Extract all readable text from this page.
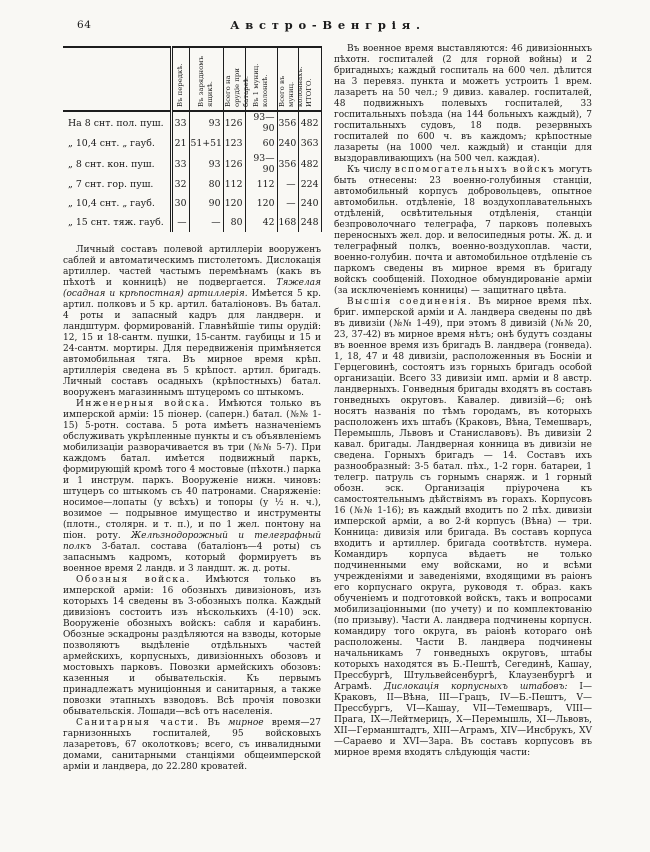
64	Австро-Венгрія.

	Въ передкѣ.	Въ зарядномъ ящикѣ.	Всего на орудіе при батареѣ.	Въ 1 муниц. колоннѣ.	Всего въ муниц. колоннахъ.	ИТОГО.

На 8 снт. пол. пуш.	33	93	126	93—90	356	482
„ 10,4 снт. „ гауб.	21	51+51	123	60	240	363
„ 8 снт. кон. пуш.	33	93	126	93—90	356	482
„ 7 снт. гор. пуш.	32	80	112	112	—	224
„ 10,4 снт. „ гауб.	30	90	120	120	—	240
„ 15 снт. тяж. гауб.	—	—	80	42	168	248

Личный составъ полевой артиллеріи вооруженъ саблей и автоматическимъ пистолетомъ. Дислокація артиллер. частей частымъ перемѣнамъ (какъ въ пѣхотѣ и конницѣ) не подвергается. Тяжелая (осадная и крѣпостная) артиллерія. Имѣется 5 кр. артил. полковъ и 5 кр. артил. баталіоновъ. Въ батал. 4 роты и запасный кадръ для ландверн. и ландштурм. формированій. Главнѣйшіе типы орудій: 12, 15 и 18-сантм. пушки, 15-сантм. гаубицы и 15 и 24-сантм. мортиры. Для передвиженія примѣняется автомобильная тяга. Въ мирное время крѣп. артиллерія сведена въ 5 крѣпост. артил. бригадъ. Личный составъ осадныхъ (крѣпостныхъ) батал. вооруженъ магазиннымъ штуцеромъ со штыкомъ.

Инженерныя войска. Имѣются только въ имперской арміи: 15 піонер. (саперн.) батал. (№№ 1-15) 5-ротн. состава. 5 рота имѣетъ назначеніемъ обслуживать укрѣпленные пункты и съ объявленіемъ мобилизаціи разворачивается въ три (№№ 5-7). При каждомъ батал. имѣется подвижный паркъ, формирующій кромѣ того 4 мостовые (пѣхотн.) парка и 1 инструм. паркъ. Вооруженіе нижн. чиновъ: штуцеръ со штыкомъ съ 40 патронами. Снаряженіе: носимое—лопаты (у всѣхъ) и топоры (у ½ н. ч.), возимое — подрывное имущество и инструменты (плотн., столярн. и т. п.), и по 1 жел. понтону на піон. роту. Желѣзнодорожный и телеграфный полкъ 3-батал. состава (баталіонъ—4 роты) съ запаснымъ кадромъ, который формируетъ въ военное время 2 ландв. и 3 ландшт. ж. д. роты.

Обозныя войска. Имѣются только въ имперской арміи: 16 обозныхъ дивизіоновъ, изъ которыхъ 14 сведены въ 3-обозныхъ полка. Каждый дивизіонъ состоитъ изъ нѣсколькихъ (4-10) эск. Вооруженіе обозныхъ войскъ: сабля и карабинъ. Обозные эскадроны раздѣляются на взводы, которые позволяютъ выдѣленіе отдѣльныхъ частей армейскихъ, корпусныхъ, дивизіонныхъ обозовъ и мостовыхъ парковъ. Повозки армейскихъ обозовъ: казенныя и обывательскія. Къ первымъ принадлежатъ муниціонныя и санитарныя, а также повозки этапныхъ взводовъ. Всѣ прочія повозки обывательскія. Лошади—всѣ отъ населенія.

Санитарныя части. Въ мирное время—27 гарнизонныхъ госпиталей, 95 войсковыхъ лазаретовъ, 67 околотковъ; всего, съ инвалидными домами, санитарными станціями общеимперской арміи и ландвера, до 22.280 кроватей.

Въ военное время выставляются: 46 дивизіонныхъ пѣхотн. госпиталей (2 для горной войны) и 2 бригадныхъ; каждый госпиталь на 600 чел. дѣлится на 3 перевяз. пункта и можетъ устроить 1 врем. лазаретъ на 50 чел.; 9 дивиз. кавалер. госпиталей, 48 подвижныхъ полевыхъ госпиталей, 33 госпитальныхъ поѣзда (на 144 больныхъ каждый), 7 госпитальныхъ судовъ, 18 подв. резервныхъ госпиталей по 600 ч. въ каждомъ; крѣпостные лазареты (на 1000 чел. каждый) и станціи для выздоравливающихъ (на 500 чел. каждая).

Къ числу вспомогательныхъ войскъ могутъ быть отнесены: 23 военно-голубиныя станціи, автомобильный корпусъ добровольцевъ, опытное автомобильн. отдѣленіе, 18 воздухоплавательныхъ отдѣленій, освѣтительныя отдѣленія, станціи безпроволочнаго телеграфа, 7 парковъ полевыхъ переносныхъ жел. дор. и велосипедныя роты. Ж. д. и телеграфный полкъ, военно-воздухоплав. части, военно-голубин. почта и автомобильное отдѣленіе съ паркомъ сведены въ мирное время въ бригаду войскъ сообщеній. Походное обмундированіе арміи (за исключеніемъ конницы) — защитнаго цвѣта.

Высшія соединенія. Въ мирное время пѣх. бриг. имперской арміи и А. ландвера сведены по двѣ въ дивизіи (№№ 1-49), при этомъ 8 дивизій (№№ 20, 23, 37-42) въ мирное время нѣтъ; онѣ будутъ созданы въ военное время изъ бригадъ В. ландвера (гонведа). 1, 18, 47 и 48 дивизіи, расположенныя въ Босніи и Герцеговинѣ, состоятъ изъ горныхъ бригадъ особой организаціи. Всего 33 дивизіи имп. арміи и 8 австр. ландверныхъ. Гонведныя бригады входятъ въ составъ гонведныхъ округовъ. Кавалер. дивизій—6; онѣ носятъ названія по тѣмъ городамъ, въ которыхъ расположенъ ихъ штабъ (Краковъ, Вѣна, Темешваръ, Перемышль, Львовъ и Станиславовъ). Въ дивизіи 2 кавал. бригады. Ландверная конница въ дивизіи не сведена. Горныхъ бригадъ — 14. Составъ ихъ разнообразный: 3-5 батал. пѣх., 1-2 горн. батареи, 1 телегр. патруль съ горнымъ снаряж. и 1 горный обозн. эск. Организація пріурочена къ самостоятельнымъ дѣйствіямъ въ горахъ. Корпусовъ 16 (№№ 1-16); въ каждый входитъ по 2 пѣх. дивизіи имперской арміи, а во 2-й корпусъ (Вѣна) — три. Конница: дивизія или бригада. Въ составъ корпуса входитъ и артиллер. бригада соотвѣтств. нумера. Командиръ корпуса вѣдаетъ не только подчиненными ему войсками, но и всѣми учрежденіями и заведеніями, входящими въ раіонъ его корпуснаго округа, руководя т. образ. какъ обученіемъ и подготовкой войскъ, такъ и вопросами мобилизаціонными (по учету) и по комплектованію (по призыву). Части А. ландвера подчинены корпусн. командиру того округа, въ раіонѣ котораго онѣ расположены. Части В. ландвера подчинены начальникамъ 7 гонведныхъ округовъ, штабы которыхъ находятся въ Б.-Пештѣ, Сегединѣ, Кашау, Прессбургѣ, Штульвейсенбургѣ, Клаузенбургѣ и Аграмѣ. Дислокація корпусныхъ штабовъ: I—Краковъ, II—Вѣна, III—Грацъ, IV—Б.-Пештъ, V—Прессбургъ, VI—Кашау, VII—Темешваръ, VIII—Прага, IX—Лейтмерицъ, X—Перемышль, XI—Львовъ, XII—Германштадтъ, XIII—Аграмъ, XIV—Инсбрукъ, XV—Сараево и XVI—Зара. Въ составъ корпусовъ въ мирное время входятъ слѣдующія части:
